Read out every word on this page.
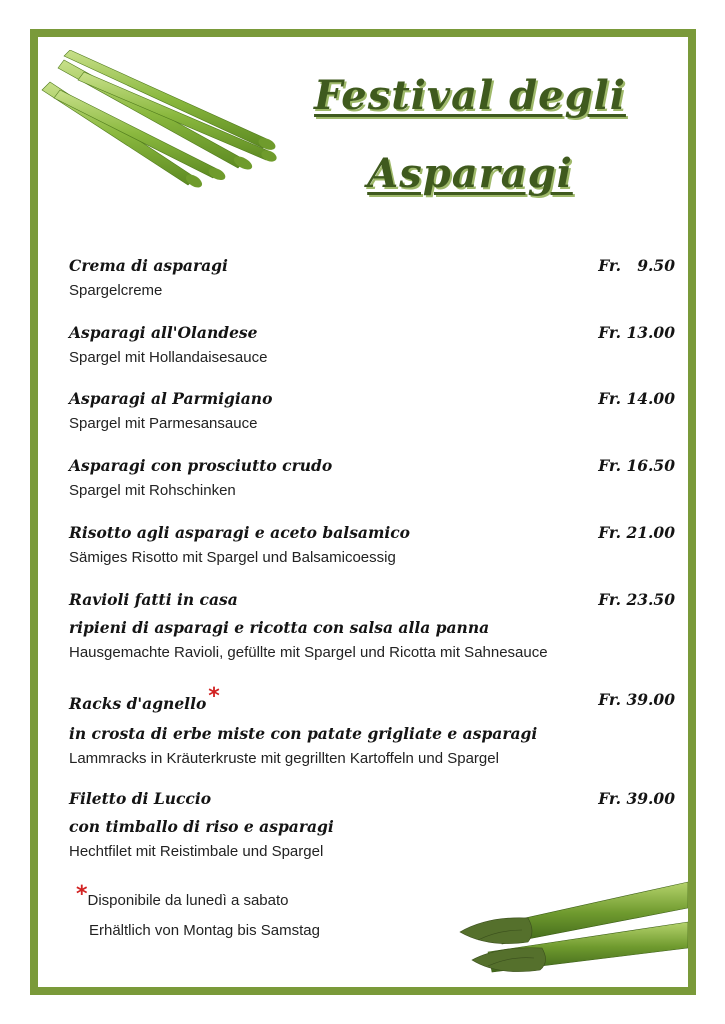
Festival degli
Asparagi
Crema di asparagi	Fr.   9.50
Spargelcreme
Asparagi all'Olandese	Fr. 13.00
Spargel mit Hollandaisesauce
Asparagi al Parmigiano	Fr. 14.00
Spargel mit Parmesansauce
Asparagi con prosciutto crudo	Fr. 16.50
Spargel mit Rohschinken
Risotto agli asparagi e aceto balsamico	Fr. 21.00
Sämiges Risotto mit Spargel und Balsamicoessig
Ravioli fatti in casa	Fr. 23.50
ripieni di asparagi e ricotta con salsa alla panna
Hausgemachte Ravioli, gefüllte mit Spargel und Ricotta mit Sahnesauce
Racks d'agnello*	Fr. 39.00
in crosta di erbe miste con patate grigliate e asparagi
Lammracks in Kräuterkruste mit gegrillten Kartoffeln und Spargel
Filetto di Luccio	Fr. 39.00
con timballo di riso e asparagi
Hechtfilet mit Reistimbale und Spargel
*Disponibile da lunedì a sabato
Erhältlich von Montag bis Samstag
